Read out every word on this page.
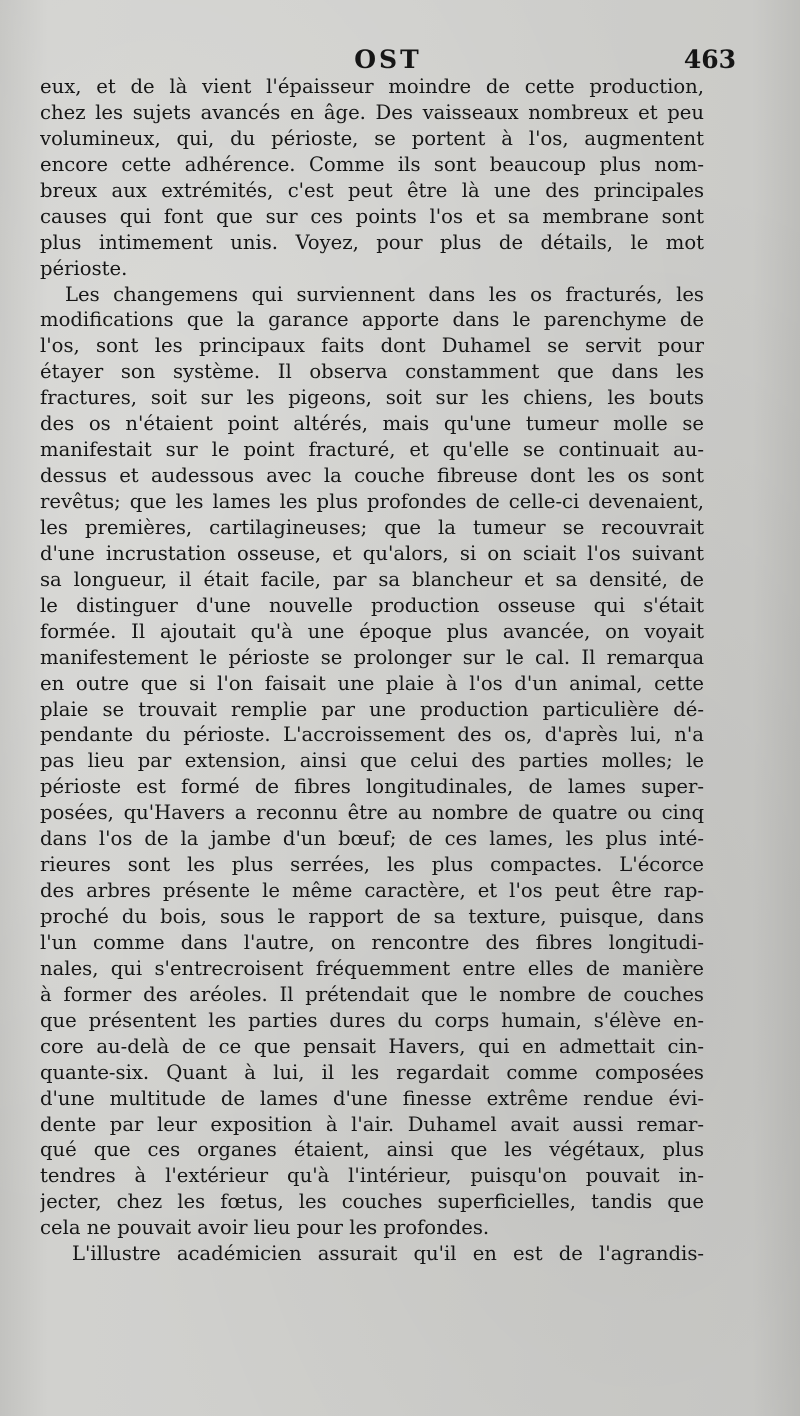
OST	463
eux, et de là vient l'épaisseur moindre de cette production,
chez les sujets avancés en âge. Des vaisseaux nombreux et peu
volumineux, qui, du périoste, se portent à l'os, augmentent
encore cette adhérence. Comme ils sont beaucoup plus nom-
breux aux extrémités, c'est peut être là une des principales
causes qui font que sur ces points l'os et sa membrane sont
plus intimement unis. Voyez, pour plus de détails, le mot
périoste.
Les changemens qui surviennent dans les os fracturés, les
modifications que la garance apporte dans le parenchyme de
l'os, sont les principaux faits dont Duhamel se servit pour
étayer son système. Il observa constamment que dans les
fractures, soit sur les pigeons, soit sur les chiens, les bouts
des os n'étaient point altérés, mais qu'une tumeur molle se
manifestait sur le point fracturé, et qu'elle se continuait au-
dessus et audessous avec la couche fibreuse dont les os sont
revêtus; que les lames les plus profondes de celle-ci devenaient,
les premières, cartilagineuses; que la tumeur se recouvrait
d'une incrustation osseuse, et qu'alors, si on sciait l'os suivant
sa longueur, il était facile, par sa blancheur et sa densité, de
le distinguer d'une nouvelle production osseuse qui s'était
formée. Il ajoutait qu'à une époque plus avancée, on voyait
manifestement le périoste se prolonger sur le cal. Il remarqua
en outre que si l'on faisait une plaie à l'os d'un animal, cette
plaie se trouvait remplie par une production particulière dé-
pendante du périoste. L'accroissement des os, d'après lui, n'a
pas lieu par extension, ainsi que celui des parties molles; le
périoste est formé de fibres longitudinales, de lames super-
posées, qu'Havers a reconnu être au nombre de quatre ou cinq
dans l'os de la jambe d'un bœuf; de ces lames, les plus inté-
rieures sont les plus serrées, les plus compactes. L'écorce
des arbres présente le même caractère, et l'os peut être rap-
proché du bois, sous le rapport de sa texture, puisque, dans
l'un comme dans l'autre, on rencontre des fibres longitudi-
nales, qui s'entrecroisent fréquemment entre elles de manière
à former des aréoles. Il prétendait que le nombre de couches
que présentent les parties dures du corps humain, s'élève en-
core au-delà de ce que pensait Havers, qui en admettait cin-
quante-six. Quant à lui, il les regardait comme composées
d'une multitude de lames d'une finesse extrême rendue évi-
dente par leur exposition à l'air. Duhamel avait aussi remar-
qué que ces organes étaient, ainsi que les végétaux, plus
tendres à l'extérieur qu'à l'intérieur, puisqu'on pouvait in-
jecter, chez les fœtus, les couches superficielles, tandis que
cela ne pouvait avoir lieu pour les profondes.
L'illustre académicien assurait qu'il en est de l'agrandis-
